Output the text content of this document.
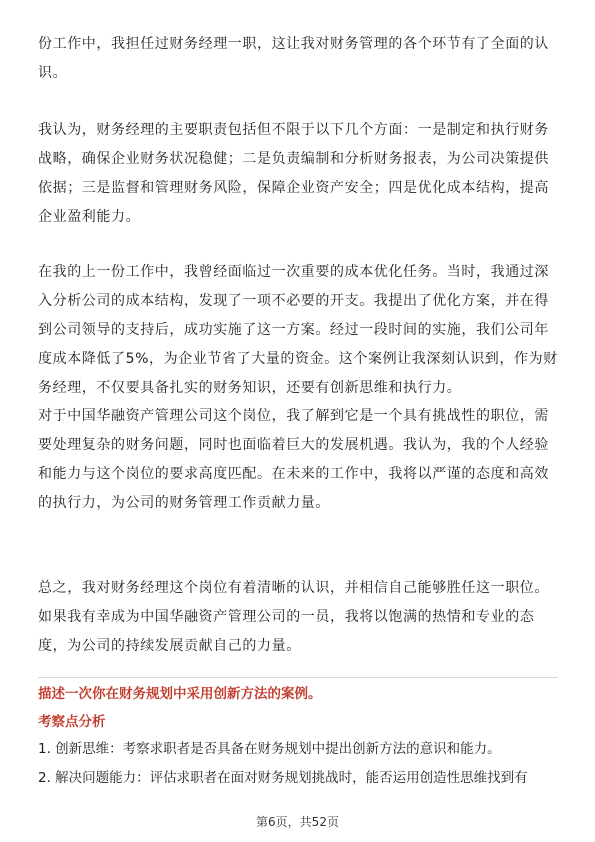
份工作中，我担任过财务经理一职，这让我对财务管理的各个环节有了全面的认识。

我认为，财务经理的主要职责包括但不限于以下几个方面：一是制定和执行财务战略，确保企业财务状况稳健；二是负责编制和分析财务报表，为公司决策提供依据；三是监督和管理财务风险，保障企业资产安全；四是优化成本结构，提高企业盈利能力。

在我的上一份工作中，我曾经面临过一次重要的成本优化任务。当时，我通过深入分析公司的成本结构，发现了一项不必要的开支。我提出了优化方案，并在得到公司领导的支持后，成功实施了这一方案。经过一段时间的实施，我们公司年度成本降低了5%，为企业节省了大量的资金。这个案例让我深刻认识到，作为财务经理，不仅要具备扎实的财务知识，还要有创新思维和执行力。

对于中国华融资产管理公司这个岗位，我了解到它是一个具有挑战性的职位，需要处理复杂的财务问题，同时也面临着巨大的发展机遇。我认为，我的个人经验和能力与这个岗位的要求高度匹配。在未来的工作中，我将以严谨的态度和高效的执行力，为公司的财务管理工作贡献力量。

总之，我对财务经理这个岗位有着清晰的认识，并相信自己能够胜任这一职位。如果我有幸成为中国华融资产管理公司的一员，我将以饱满的热情和专业的态度，为公司的持续发展贡献自己的力量。

描述一次你在财务规划中采用创新方法的案例。

考察点分析

1. 创新思维：考察求职者是否具备在财务规划中提出创新方法的意识和能力。

2. 解决问题能力：评估求职者在面对财务规划挑战时，能否运用创造性思维找到有

第6页，共52页
